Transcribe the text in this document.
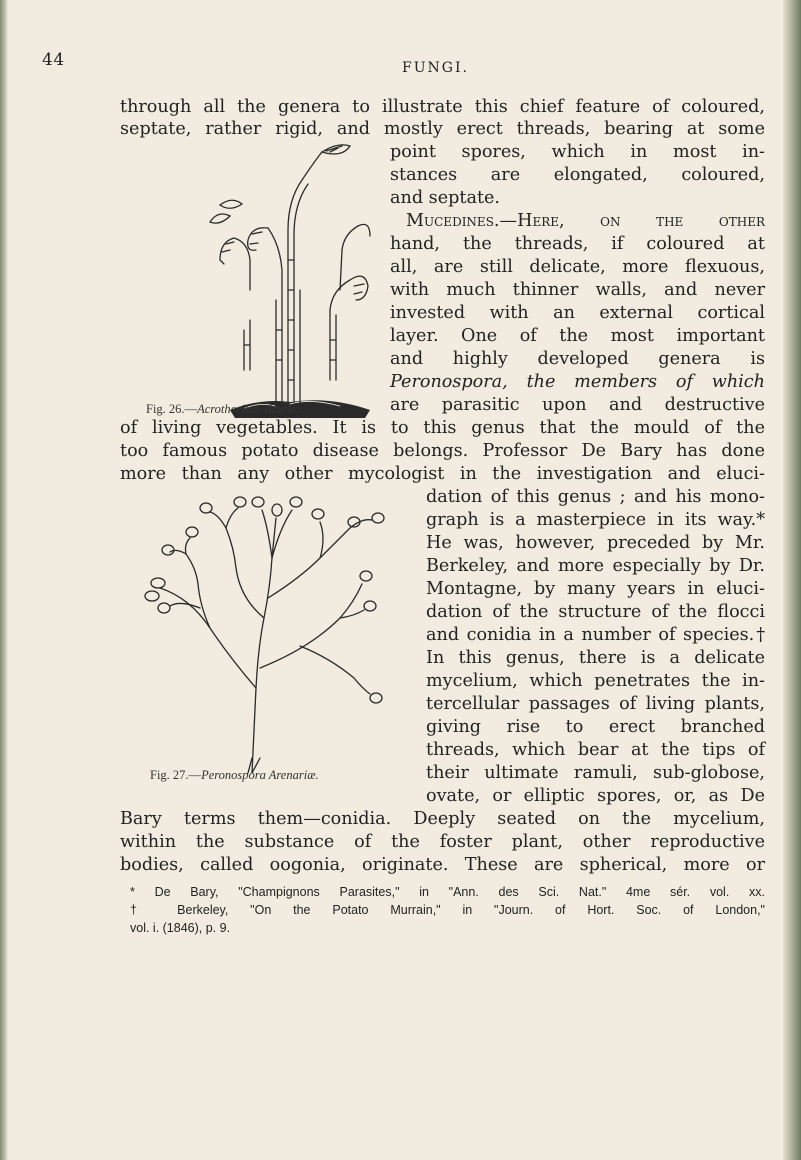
44	FUNGI.
through all the genera to illustrate this chief feature of coloured,
septate, rather rigid, and mostly erect threads, bearing at some
point spores, which in most in-
stances are elongated, coloured,
and septate.
Mucedines.—Here, on the other
hand, the threads, if coloured at
all, are still delicate, more flexuous,
with much thinner walls, and never
invested with an external cortical
layer. One of the most important
and highly developed genera is
Peronospora, the members of which
are parasitic upon and destructive
of living vegetables. It is to this genus that the mould of the
too famous potato disease belongs. Professor De Bary has done
more than any other mycologist in the investigation and eluci-
dation of this genus ; and his mono-
graph is a masterpiece in its way.*
He was, however, preceded by Mr.
Berkeley, and more especially by Dr.
Montagne, by many years in eluci-
dation of the structure of the flocci
and conidia in a number of species.†
In this genus, there is a delicate
mycelium, which penetrates the in-
tercellular passages of living plants,
giving rise to erect branched
threads, which bear at the tips of
their ultimate ramuli, sub-globose,
ovate, or elliptic spores, or, as De
Bary terms them—conidia. Deeply seated on the mycelium,
within the substance of the foster plant, other reproductive
bodies, called oogonia, originate. These are spherical, more or
Fig. 26.—Acrothecium simplex.
Fig. 27.—Peronospora Arenariæ.
* De Bary, "Champignons Parasites," in "Ann. des Sci. Nat." 4me sér. vol. xx.
† Berkeley, "On the Potato Murrain," in "Journ. of Hort. Soc. of London,"
vol. i. (1846), p. 9.
